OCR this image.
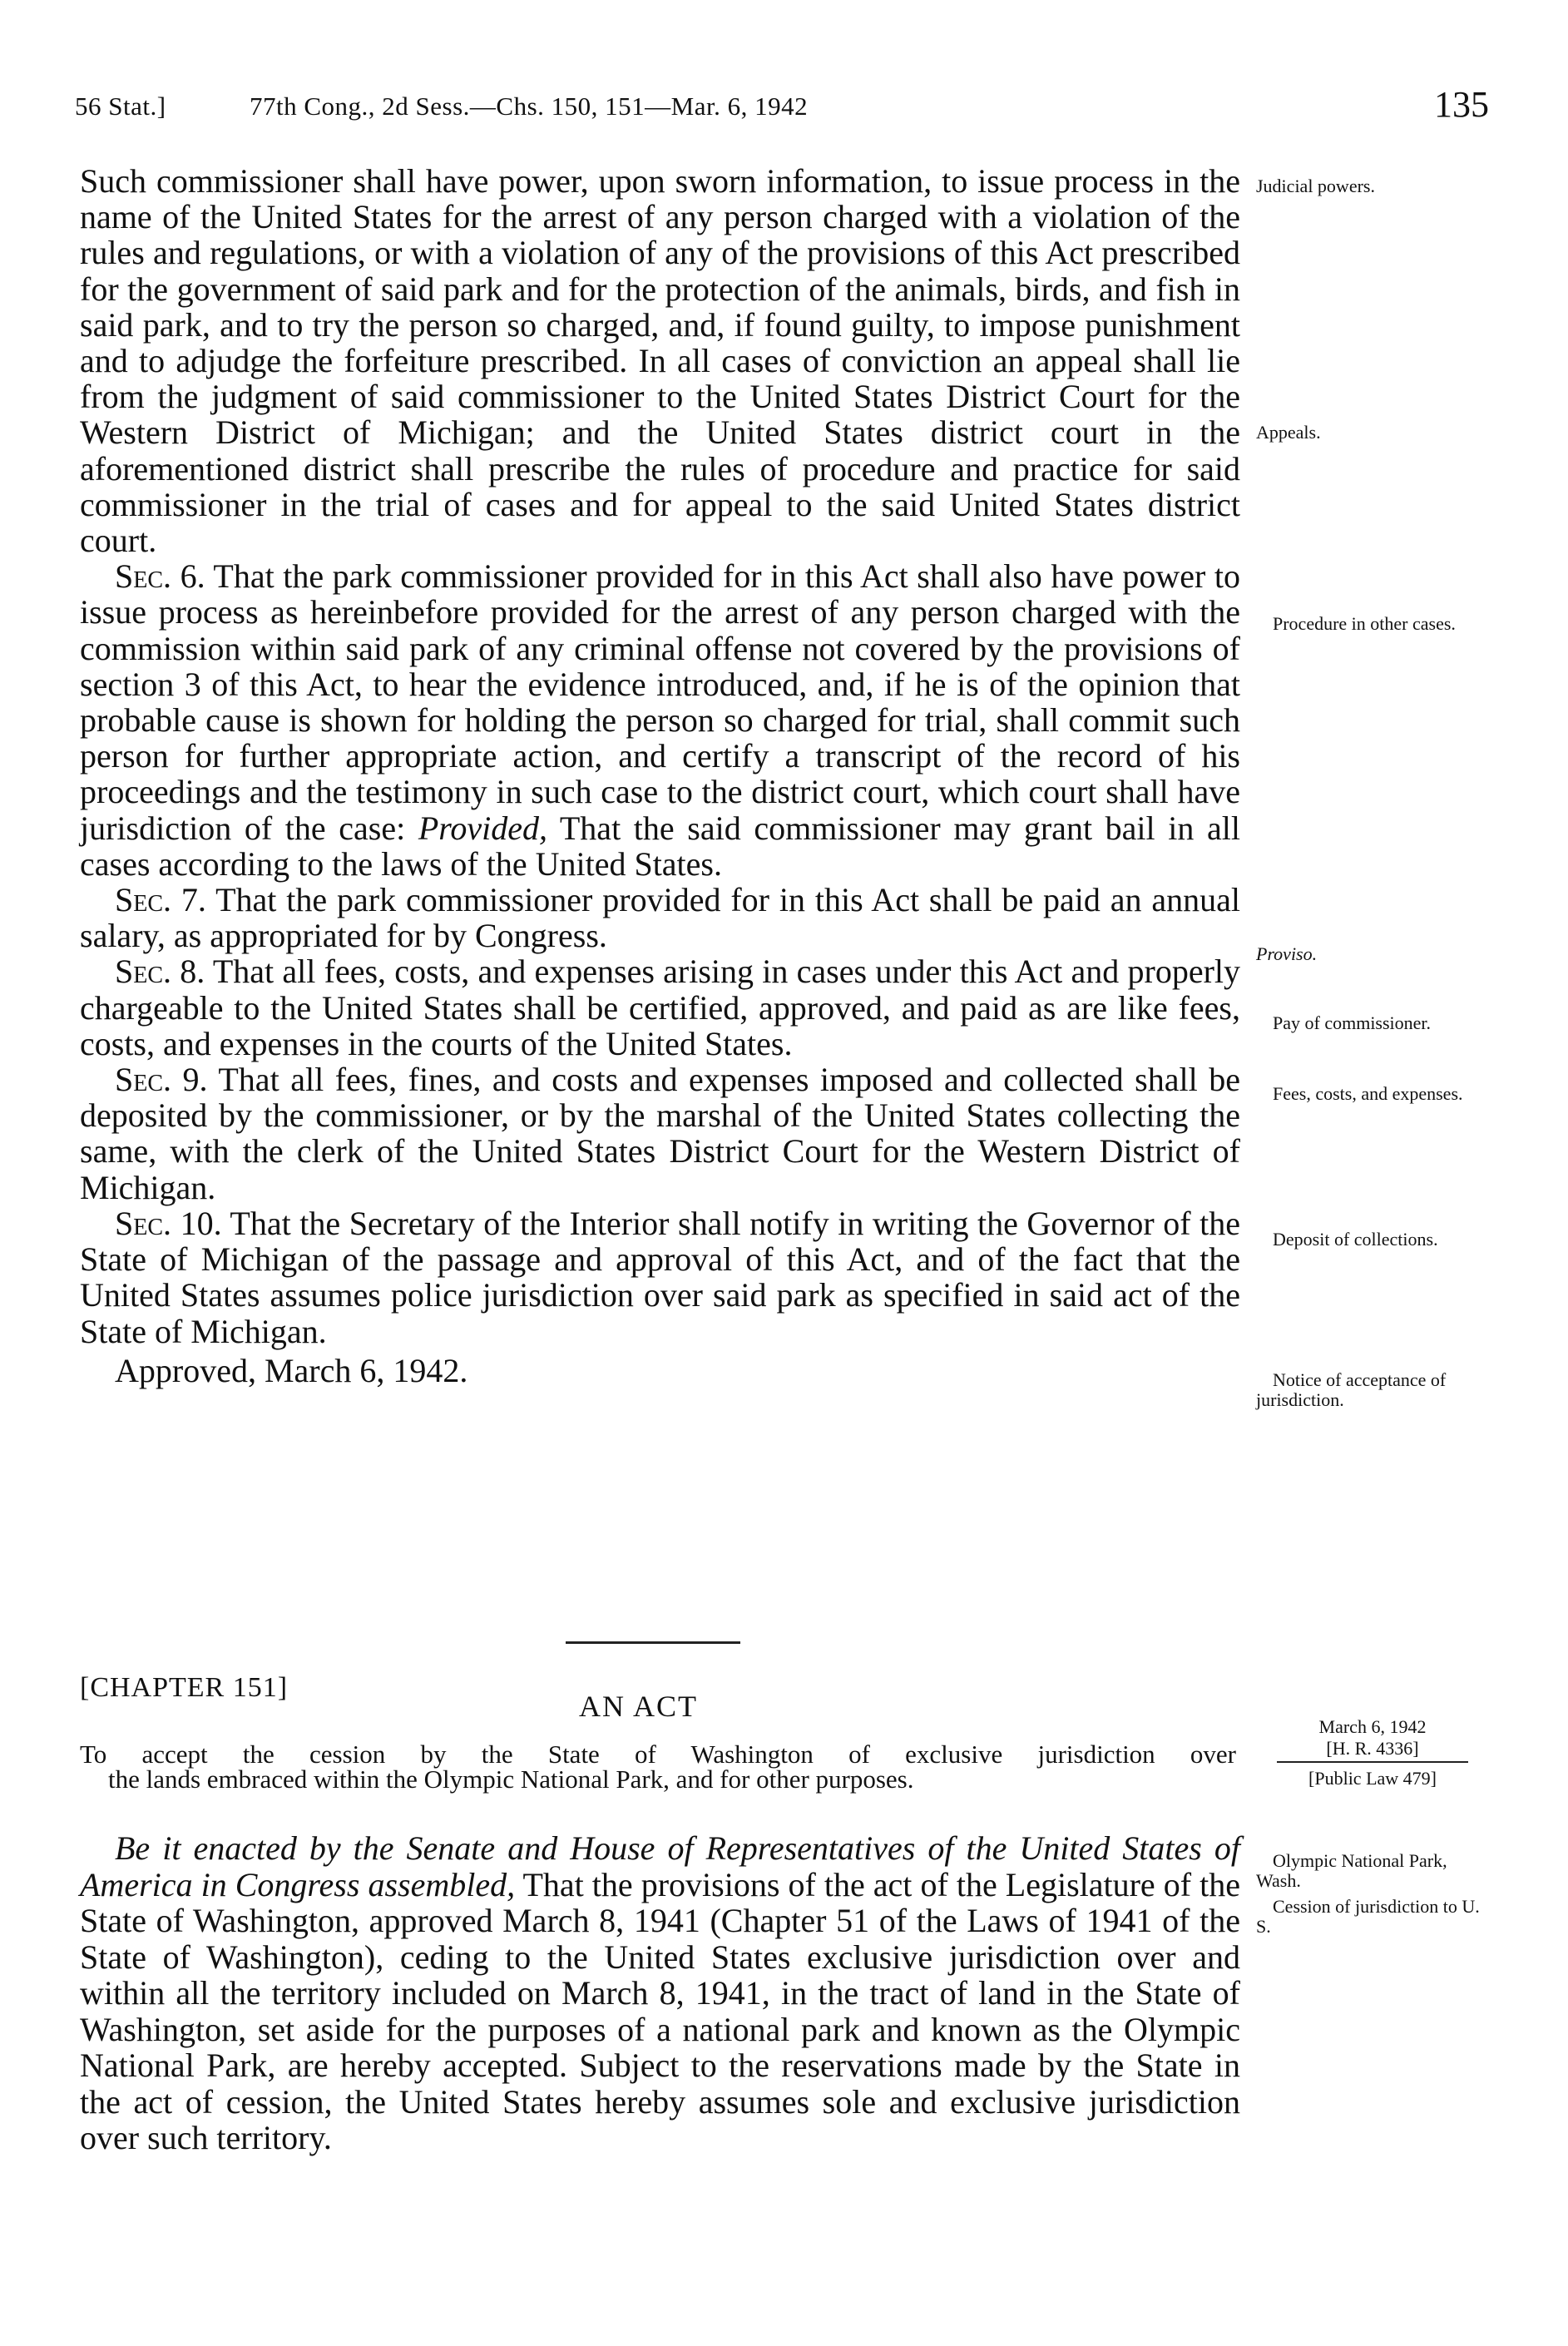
56 Stat.]	77th Cong., 2d Sess.—Chs. 150, 151—Mar. 6, 1942	135

Such commissioner shall have power, upon sworn information, to issue process in the name of the United States for the arrest of any person charged with a violation of the rules and regulations, or with a violation of any of the provisions of this Act prescribed for the government of said park and for the protection of the animals, birds, and fish in said park, and to try the person so charged, and, if found guilty, to impose punishment and to adjudge the forfeiture prescribed. In all cases of conviction an appeal shall lie from the judgment of said commissioner to the United States District Court for the Western District of Michigan; and the United States district court in the aforementioned district shall prescribe the rules of procedure and practice for said commissioner in the trial of cases and for appeal to the said United States district court.

Sec. 6. That the park commissioner provided for in this Act shall also have power to issue process as hereinbefore provided for the arrest of any person charged with the commission within said park of any criminal offense not covered by the provisions of section 3 of this Act, to hear the evidence introduced, and, if he is of the opinion that probable cause is shown for holding the person so charged for trial, shall commit such person for further appropriate action, and certify a transcript of the record of his proceedings and the testimony in such case to the district court, which court shall have jurisdiction of the case: Provided, That the said commissioner may grant bail in all cases according to the laws of the United States.

Sec. 7. That the park commissioner provided for in this Act shall be paid an annual salary, as appropriated for by Congress.

Sec. 8. That all fees, costs, and expenses arising in cases under this Act and properly chargeable to the United States shall be certified, approved, and paid as are like fees, costs, and expenses in the courts of the United States.

Sec. 9. That all fees, fines, and costs and expenses imposed and collected shall be deposited by the commissioner, or by the marshal of the United States collecting the same, with the clerk of the United States District Court for the Western District of Michigan.

Sec. 10. That the Secretary of the Interior shall notify in writing the Governor of the State of Michigan of the passage and approval of this Act, and of the fact that the United States assumes police jurisdiction over said park as specified in said act of the State of Michigan.

Approved, March 6, 1942.

Judicial powers.
Appeals.
Procedure in other cases.
Proviso.
Pay of commissioner.
Fees, costs, and expenses.
Deposit of collections.
Notice of acceptance of jurisdiction.
[CHAPTER 151]
AN ACT
March 6, 1942
[H. R. 4336]
[Public Law 479]
To accept the cession by the State of Washington of exclusive jurisdiction over
the lands embraced within the Olympic National Park, and for other purposes.

Be it enacted by the Senate and House of Representatives of the United States of America in Congress assembled, That the provisions of the act of the Legislature of the State of Washington, approved March 8, 1941 (Chapter 51 of the Laws of 1941 of the State of Washington), ceding to the United States exclusive jurisdiction over and within all the territory included on March 8, 1941, in the tract of land in the State of Washington, set aside for the purposes of a national park and known as the Olympic National Park, are hereby accepted. Subject to the reservations made by the State in the act of cession, the United States hereby assumes sole and exclusive jurisdiction over such territory.

Olympic National Park, Wash.
Cession of jurisdiction to U. S.
